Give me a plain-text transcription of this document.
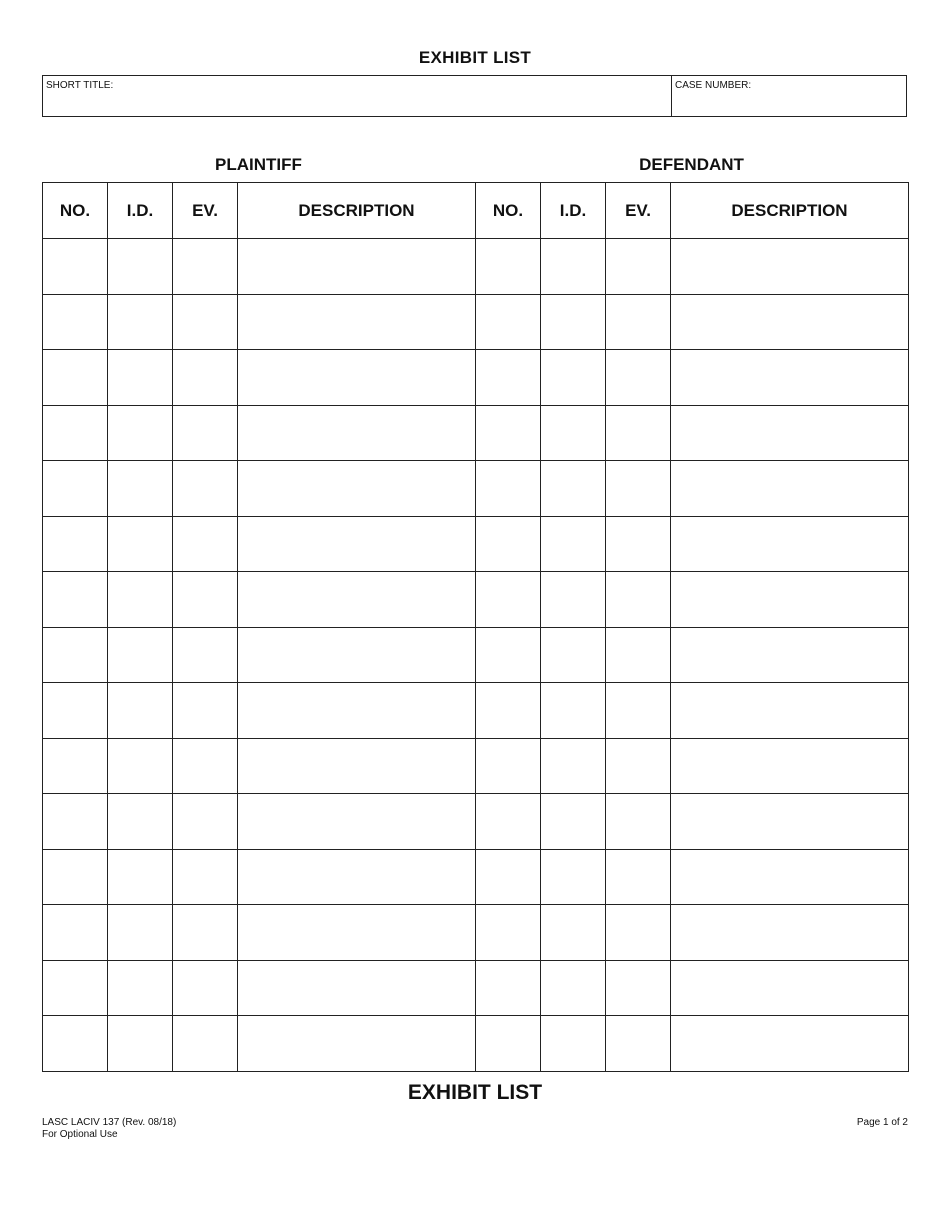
EXHIBIT LIST
SHORT TITLE:	CASE NUMBER:
PLAINTIFF	DEFENDANT
NO.	I.D.	EV.	DESCRIPTION	NO.	I.D.	EV.	DESCRIPTION

EXHIBIT LIST
LASC LACIV 137 (Rev. 08/18)
For Optional Use
Page 1 of 2
